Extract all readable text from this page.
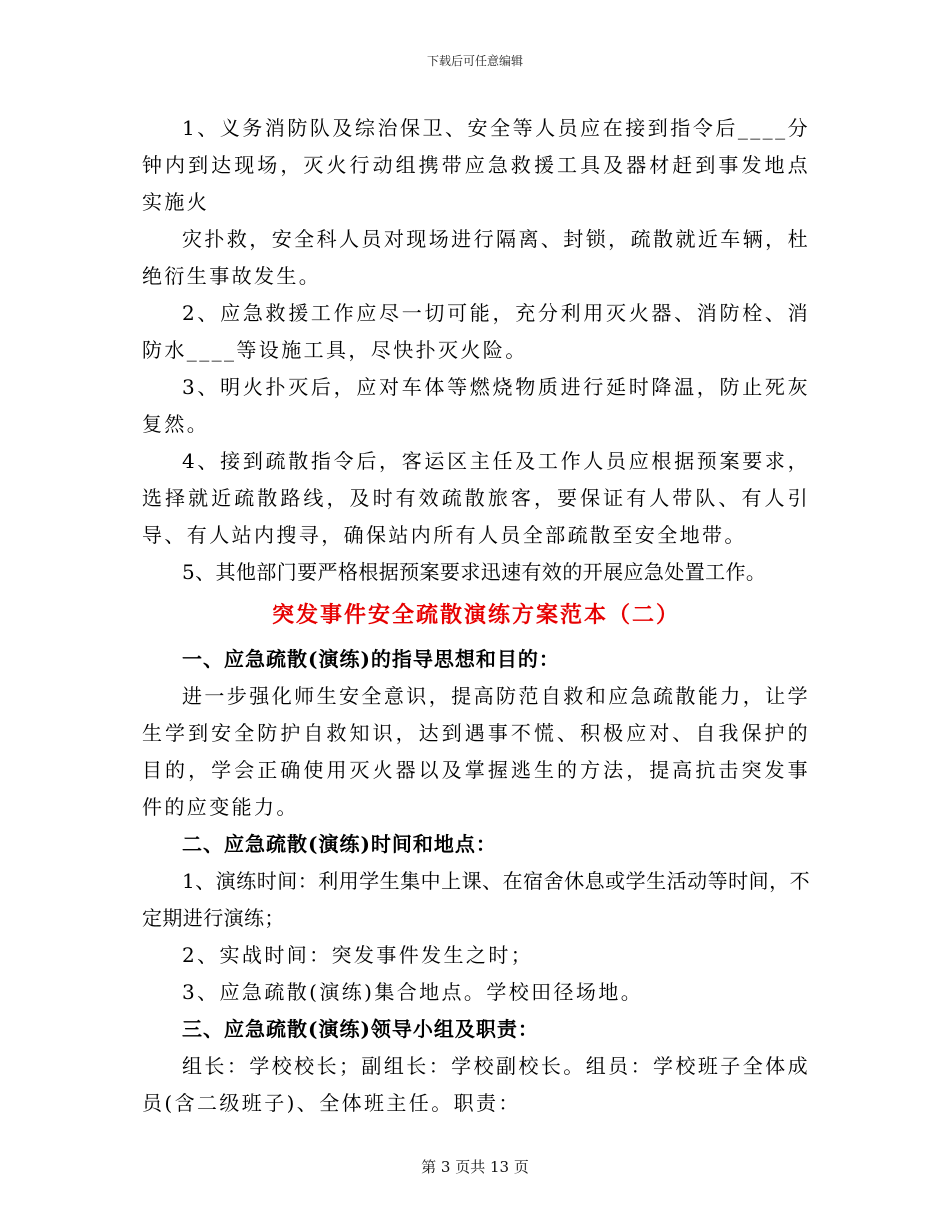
下载后可任意编辑

1、义务消防队及综治保卫、安全等人员应在接到指令后____分钟内到达现场，灭火行动组携带应急救援工具及器材赶到事发地点实施火

灾扑救，安全科人员对现场进行隔离、封锁，疏散就近车辆，杜绝衍生事故发生。

2、应急救援工作应尽一切可能，充分利用灭火器、消防栓、消防水____等设施工具，尽快扑灭火险。

3、明火扑灭后，应对车体等燃烧物质进行延时降温，防止死灰复然。

4、接到疏散指令后，客运区主任及工作人员应根据预案要求，选择就近疏散路线，及时有效疏散旅客，要保证有人带队、有人引导、有人站内搜寻，确保站内所有人员全部疏散至安全地带。

5、其他部门要严格根据预案要求迅速有效的开展应急处置工作。

突发事件安全疏散演练方案范本（二）

一、应急疏散(演练)的指导思想和目的：

进一步强化师生安全意识，提高防范自救和应急疏散能力，让学生学到安全防护自救知识，达到遇事不慌、积极应对、自我保护的目的，学会正确使用灭火器以及掌握逃生的方法，提高抗击突发事件的应变能力。

二、应急疏散(演练)时间和地点：

1、演练时间：利用学生集中上课、在宿舍休息或学生活动等时间，不定期进行演练；

2、实战时间：突发事件发生之时；

3、应急疏散(演练)集合地点。学校田径场地。

三、应急疏散(演练)领导小组及职责：

组长：学校校长；副组长：学校副校长。组员：学校班子全体成员(含二级班子)、全体班主任。职责：

第 3 页共 13 页
